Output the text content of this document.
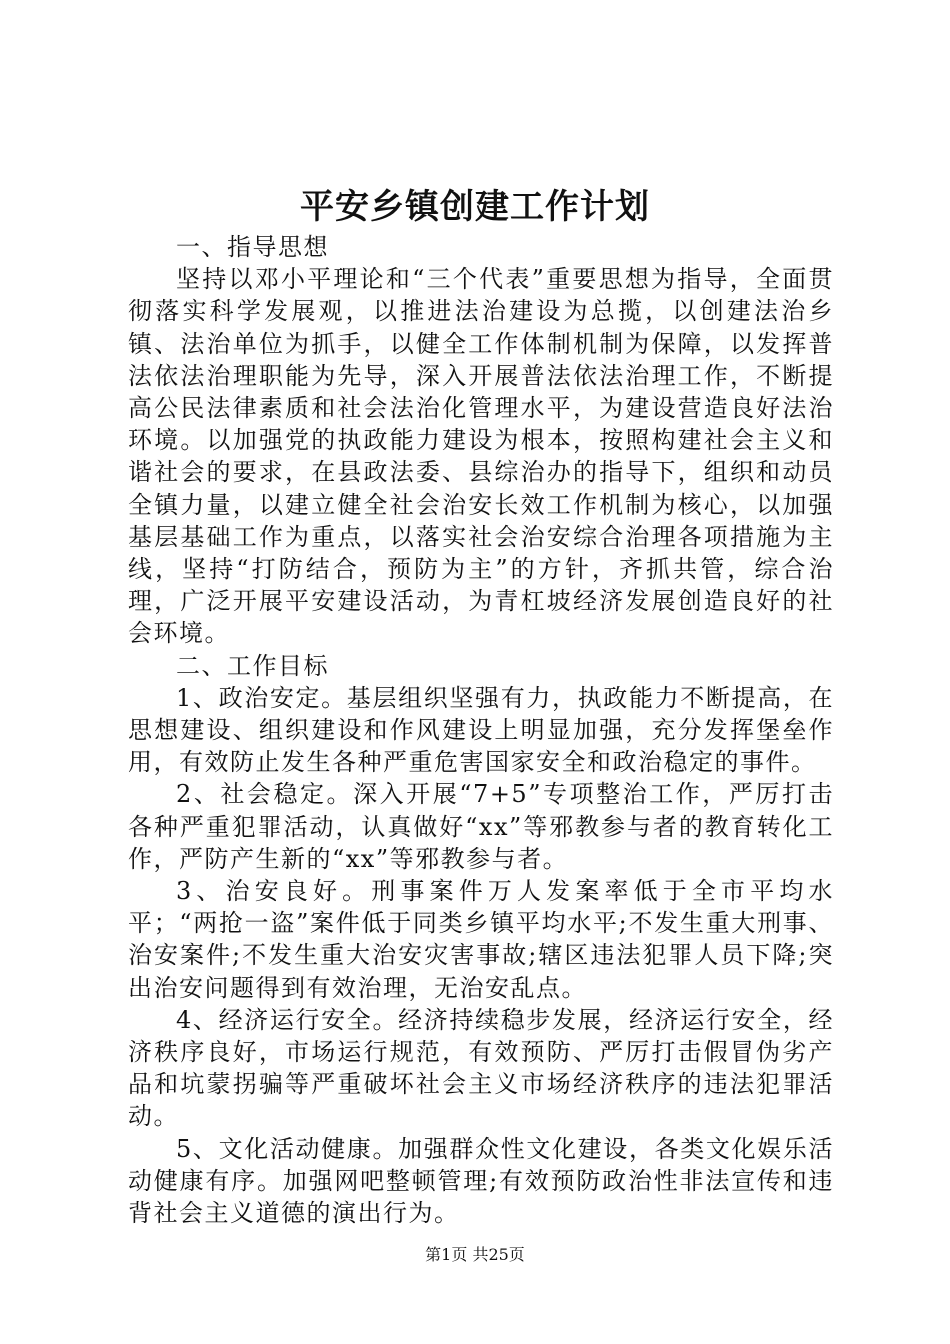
平安乡镇创建工作计划

一、指导思想

坚持以邓小平理论和“三个代表”重要思想为指导，全面贯彻落实科学发展观，以推进法治建设为总揽，以创建法治乡镇、法治单位为抓手，以健全工作体制机制为保障，以发挥普法依法治理职能为先导，深入开展普法依法治理工作，不断提高公民法律素质和社会法治化管理水平，为建设营造良好法治环境。以加强党的执政能力建设为根本，按照构建社会主义和谐社会的要求，在县政法委、县综治办的指导下，组织和动员全镇力量，以建立健全社会治安长效工作机制为核心，以加强基层基础工作为重点，以落实社会治安综合治理各项措施为主线，坚持“打防结合，预防为主”的方针，齐抓共管，综合治理，广泛开展平安建设活动，为青杠坡经济发展创造良好的社会环境。

二、工作目标

1、政治安定。基层组织坚强有力，执政能力不断提高，在思想建设、组织建设和作风建设上明显加强，充分发挥堡垒作用，有效防止发生各种严重危害国家安全和政治稳定的事件。

2、社会稳定。深入开展“7+5”专项整治工作，严厉打击各种严重犯罪活动，认真做好“xx”等邪教参与者的教育转化工作，严防产生新的“xx”等邪教参与者。

3、治安良好。刑事案件万人发案率低于全市平均水平；“两抢一盗”案件低于同类乡镇平均水平;不发生重大刑事、治安案件;不发生重大治安灾害事故;辖区违法犯罪人员下降;突出治安问题得到有效治理，无治安乱点。

4、经济运行安全。经济持续稳步发展，经济运行安全，经济秩序良好，市场运行规范，有效预防、严厉打击假冒伪劣产品和坑蒙拐骗等严重破坏社会主义市场经济秩序的违法犯罪活动。

5、文化活动健康。加强群众性文化建设，各类文化娱乐活动健康有序。加强网吧整顿管理;有效预防政治性非法宣传和违背社会主义道德的演出行为。

第1页 共25页
